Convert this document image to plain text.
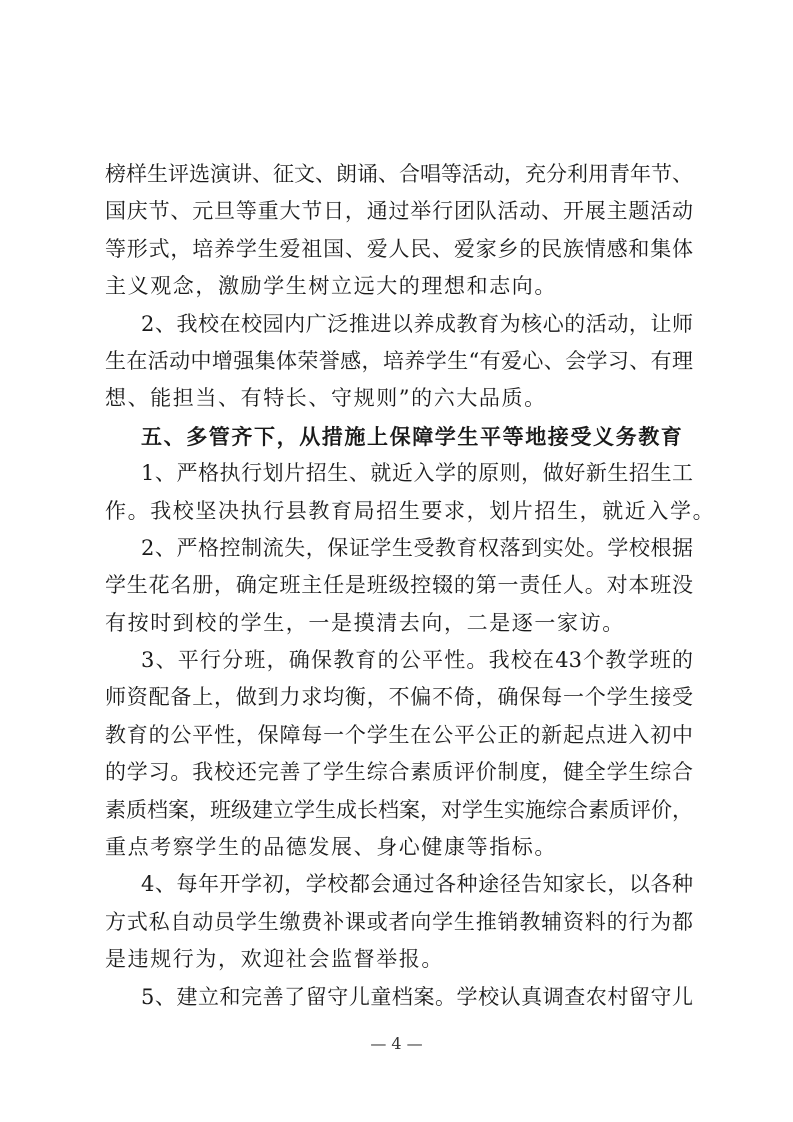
榜样生评选演讲、征文、朗诵、合唱等活动，充分利用青年节、
国庆节、元旦等重大节日，通过举行团队活动、开展主题活动
等形式，培养学生爱祖国、爱人民、爱家乡的民族情感和集体
主义观念，激励学生树立远大的理想和志向。
2、我校在校园内广泛推进以养成教育为核心的活动，让师
生在活动中增强集体荣誉感，培养学生“有爱心、会学习、有理
想、能担当、有特长、守规则”的六大品质。
五、多管齐下，从措施上保障学生平等地接受义务教育
1、严格执行划片招生、就近入学的原则，做好新生招生工
作。我校坚决执行县教育局招生要求，划片招生，就近入学。
2、严格控制流失，保证学生受教育权落到实处。学校根据
学生花名册，确定班主任是班级控辍的第一责任人。对本班没
有按时到校的学生，一是摸清去向，二是逐一家访。
3、平行分班，确保教育的公平性。我校在43个教学班的
师资配备上，做到力求均衡，不偏不倚，确保每一个学生接受
教育的公平性，保障每一个学生在公平公正的新起点进入初中
的学习。我校还完善了学生综合素质评价制度，健全学生综合
素质档案，班级建立学生成长档案，对学生实施综合素质评价，
重点考察学生的品德发展、身心健康等指标。
4、每年开学初，学校都会通过各种途径告知家长，以各种
方式私自动员学生缴费补课或者向学生推销教辅资料的行为都
是违规行为，欢迎社会监督举报。
5、建立和完善了留守儿童档案。学校认真调查农村留守儿
— 4 —
